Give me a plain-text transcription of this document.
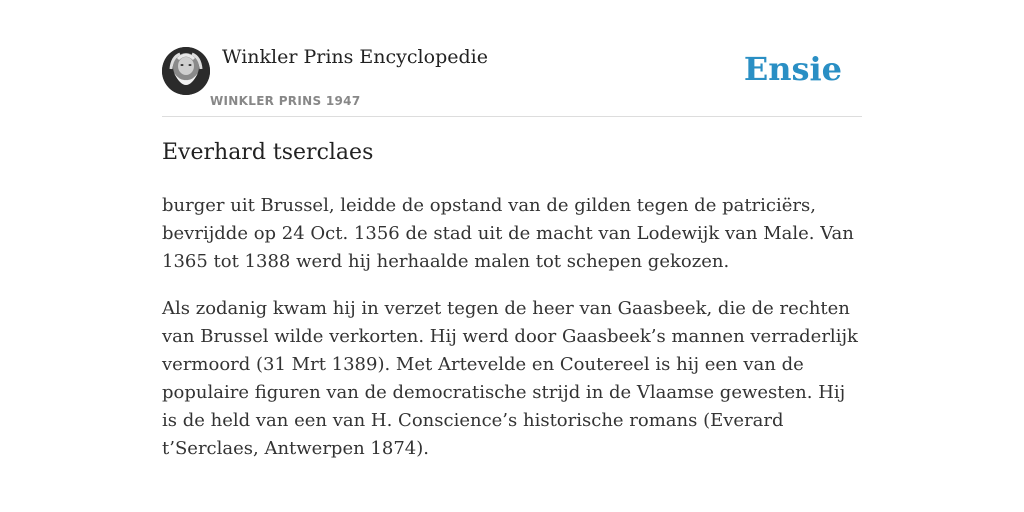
Winkler Prins Encyclopedie
WINKLER PRINS 1947
Ensie
Everhard tserclaes

burger uit Brussel, leidde de opstand van de gilden tegen de patriciërs, bevrijdde op 24 Oct. 1356 de stad uit de macht van Lodewijk van Male. Van 1365 tot 1388 werd hij herhaalde malen tot schepen gekozen.

Als zodanig kwam hij in verzet tegen de heer van Gaasbeek, die de rechten van Brussel wilde verkorten. Hij werd door Gaasbeek’s mannen verraderlijk vermoord (31 Mrt 1389). Met Artevelde en Coutereel is hij een van de populaire figuren van de democratische strijd in de Vlaamse gewesten. Hij is de held van een van H. Conscience’s historische romans (Everard t’Serclaes, Antwerpen 1874).
